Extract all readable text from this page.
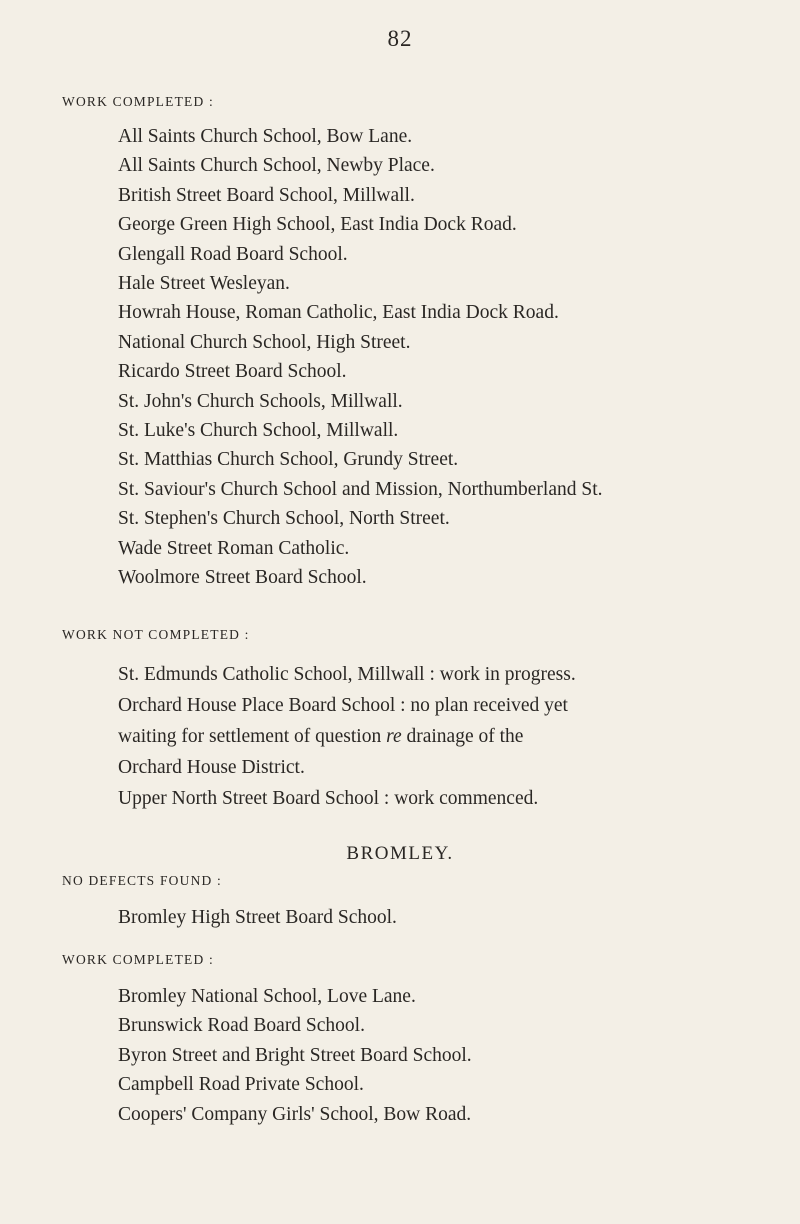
82
WORK COMPLETED :
All Saints Church School, Bow Lane.
All Saints Church School, Newby Place.
British Street Board School, Millwall.
George Green High School, East India Dock Road.
Glengall Road Board School.
Hale Street Wesleyan.
Howrah House, Roman Catholic, East India Dock Road.
National Church School, High Street.
Ricardo Street Board School.
St. John's Church Schools, Millwall.
St. Luke's Church School, Millwall.
St. Matthias Church School, Grundy Street.
St. Saviour's Church School and Mission, Northumberland St.
St. Stephen's Church School, North Street.
Wade Street Roman Catholic.
Woolmore Street Board School.
WORK NOT COMPLETED :
St. Edmunds Catholic School, Millwall : work in progress.
Orchard House Place Board School : no plan received yet
waiting for settlement of question re drainage of the
Orchard House District.
Upper North Street Board School : work commenced.
BROMLEY.
NO DEFECTS FOUND :
Bromley High Street Board School.
WORK COMPLETED :
Bromley National School, Love Lane.
Brunswick Road Board School.
Byron Street and Bright Street Board School.
Campbell Road Private School.
Coopers' Company Girls' School, Bow Road.
